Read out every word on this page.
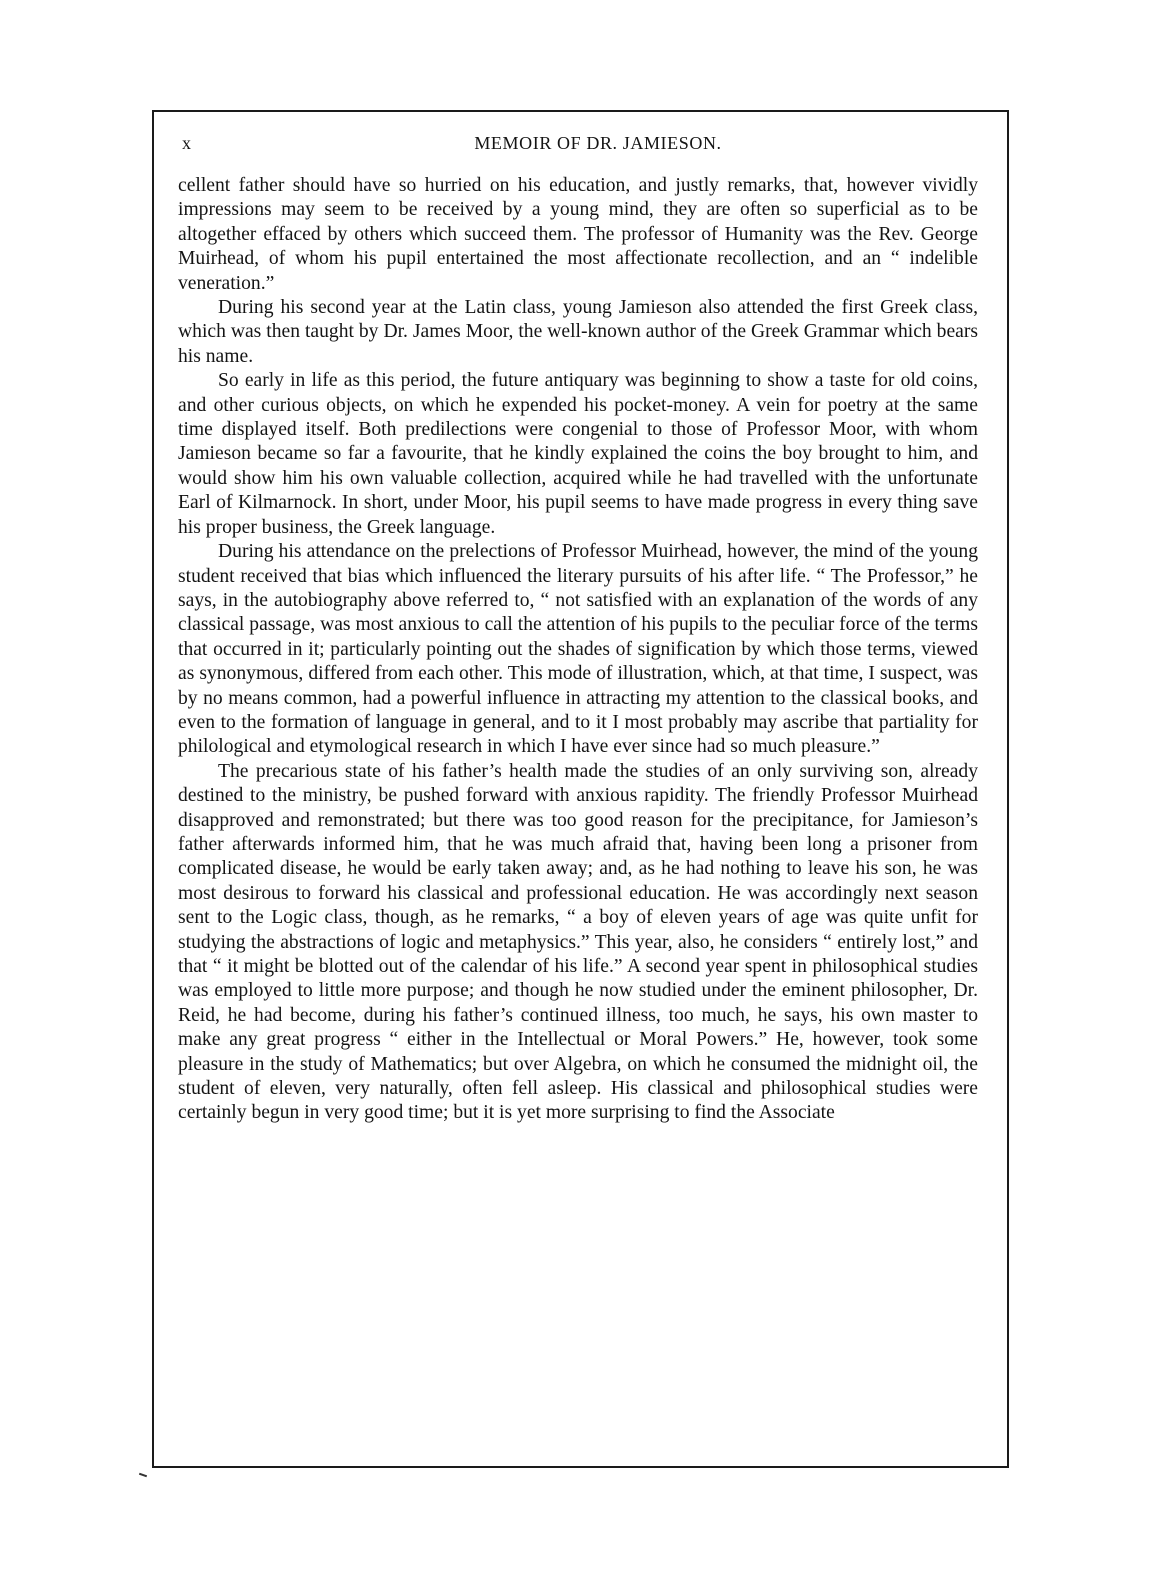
x	MEMOIR OF DR. JAMIESON.

cellent father should have so hurried on his education, and justly remarks, that, however vividly impressions may seem to be received by a young mind, they are often so superficial as to be altogether effaced by others which succeed them. The professor of Humanity was the Rev. George Muirhead, of whom his pupil entertained the most affectionate recollection, and an “ indelible veneration.”

During his second year at the Latin class, young Jamieson also attended the first Greek class, which was then taught by Dr. James Moor, the well-known author of the Greek Grammar which bears his name.

So early in life as this period, the future antiquary was beginning to show a taste for old coins, and other curious objects, on which he expended his pocket-money. A vein for poetry at the same time displayed itself. Both predilections were congenial to those of Professor Moor, with whom Jamieson became so far a favourite, that he kindly explained the coins the boy brought to him, and would show him his own valuable collection, acquired while he had travelled with the unfortunate Earl of Kilmarnock. In short, under Moor, his pupil seems to have made progress in every thing save his proper business, the Greek language.

During his attendance on the prelections of Professor Muirhead, however, the mind of the young student received that bias which influenced the literary pursuits of his after life. “ The Professor,” he says, in the autobiography above referred to, “ not satisfied with an explanation of the words of any classical passage, was most anxious to call the attention of his pupils to the peculiar force of the terms that occurred in it; particularly pointing out the shades of signification by which those terms, viewed as synonymous, differed from each other. This mode of illustration, which, at that time, I suspect, was by no means common, had a powerful influence in attracting my attention to the classical books, and even to the formation of language in general, and to it I most probably may ascribe that partiality for philological and etymological research in which I have ever since had so much pleasure.”

The precarious state of his father’s health made the studies of an only surviving son, already destined to the ministry, be pushed forward with anxious rapidity. The friendly Professor Muirhead disapproved and remonstrated; but there was too good reason for the precipitance, for Jamieson’s father afterwards informed him, that he was much afraid that, having been long a prisoner from complicated disease, he would be early taken away; and, as he had nothing to leave his son, he was most desirous to forward his classical and professional education. He was accordingly next season sent to the Logic class, though, as he remarks, “ a boy of eleven years of age was quite unfit for studying the abstractions of logic and metaphysics.” This year, also, he considers “ entirely lost,” and that “ it might be blotted out of the calendar of his life.” A second year spent in philosophical studies was employed to little more purpose; and though he now studied under the eminent philosopher, Dr. Reid, he had become, during his father’s continued illness, too much, he says, his own master to make any great progress “ either in the Intellectual or Moral Powers.” He, however, took some pleasure in the study of Mathematics; but over Algebra, on which he consumed the midnight oil, the student of eleven, very naturally, often fell asleep. His classical and philosophical studies were certainly begun in very good time; but it is yet more surprising to find the Associate
